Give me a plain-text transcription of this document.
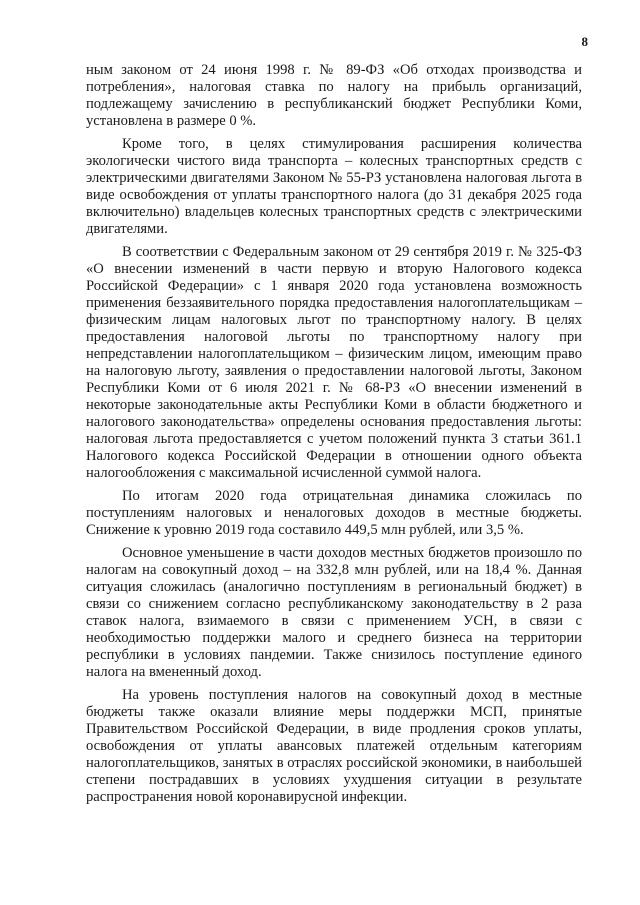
8

ным законом от 24 июня 1998 г. № 89-ФЗ «Об отходах производства и потребления», налоговая ставка по налогу на прибыль организаций, подлежащему зачислению в республиканский бюджет Республики Коми, установлена в размере 0 %.

Кроме того, в целях стимулирования расширения количества экологически чистого вида транспорта – колесных транспортных средств с электрическими двигателями Законом № 55-РЗ установлена налоговая льгота в виде освобождения от уплаты транспортного налога (до 31 декабря 2025 года включительно) владельцев колесных транспортных средств с электрическими двигателями.

В соответствии с Федеральным законом от 29 сентября 2019 г. № 325-ФЗ «О внесении изменений в части первую и вторую Налогового кодекса Российской Федерации» с 1 января 2020 года установлена возможность применения беззаявительного порядка предоставления налогоплательщикам – физическим лицам налоговых льгот по транспортному налогу. В целях предоставления налоговой льготы по транспортному налогу при непредставлении налогоплательщиком – физическим лицом, имеющим право на налоговую льготу, заявления о предоставлении налоговой льготы, Законом Республики Коми от 6 июля 2021 г. № 68-РЗ «О внесении изменений в некоторые законодательные акты Республики Коми в области бюджетного и налогового законодательства» определены основания предоставления льготы: налоговая льгота предоставляется с учетом положений пункта 3 статьи 361.1 Налогового кодекса Российской Федерации в отношении одного объекта налогообложения с максимальной исчисленной суммой налога.

По итогам 2020 года отрицательная динамика сложилась по поступлениям налоговых и неналоговых доходов в местные бюджеты. Снижение к уровню 2019 года составило 449,5 млн рублей, или 3,5 %.

Основное уменьшение в части доходов местных бюджетов произошло по налогам на совокупный доход – на 332,8 млн рублей, или на 18,4 %. Данная ситуация сложилась (аналогично поступлениям в региональный бюджет) в связи со снижением согласно республиканскому законодательству в 2 раза ставок налога, взимаемого в связи с применением УСН, в связи с необходимостью поддержки малого и среднего бизнеса на территории республики в условиях пандемии. Также снизилось поступление единого налога на вмененный доход.

На уровень поступления налогов на совокупный доход в местные бюджеты также оказали влияние меры поддержки МСП, принятые Правительством Российской Федерации, в виде продления сроков уплаты, освобождения от уплаты авансовых платежей отдельным категориям налогоплательщиков, занятых в отраслях российской экономики, в наибольшей степени пострадавших в условиях ухудшения ситуации в результате распространения новой коронавирусной инфекции.
